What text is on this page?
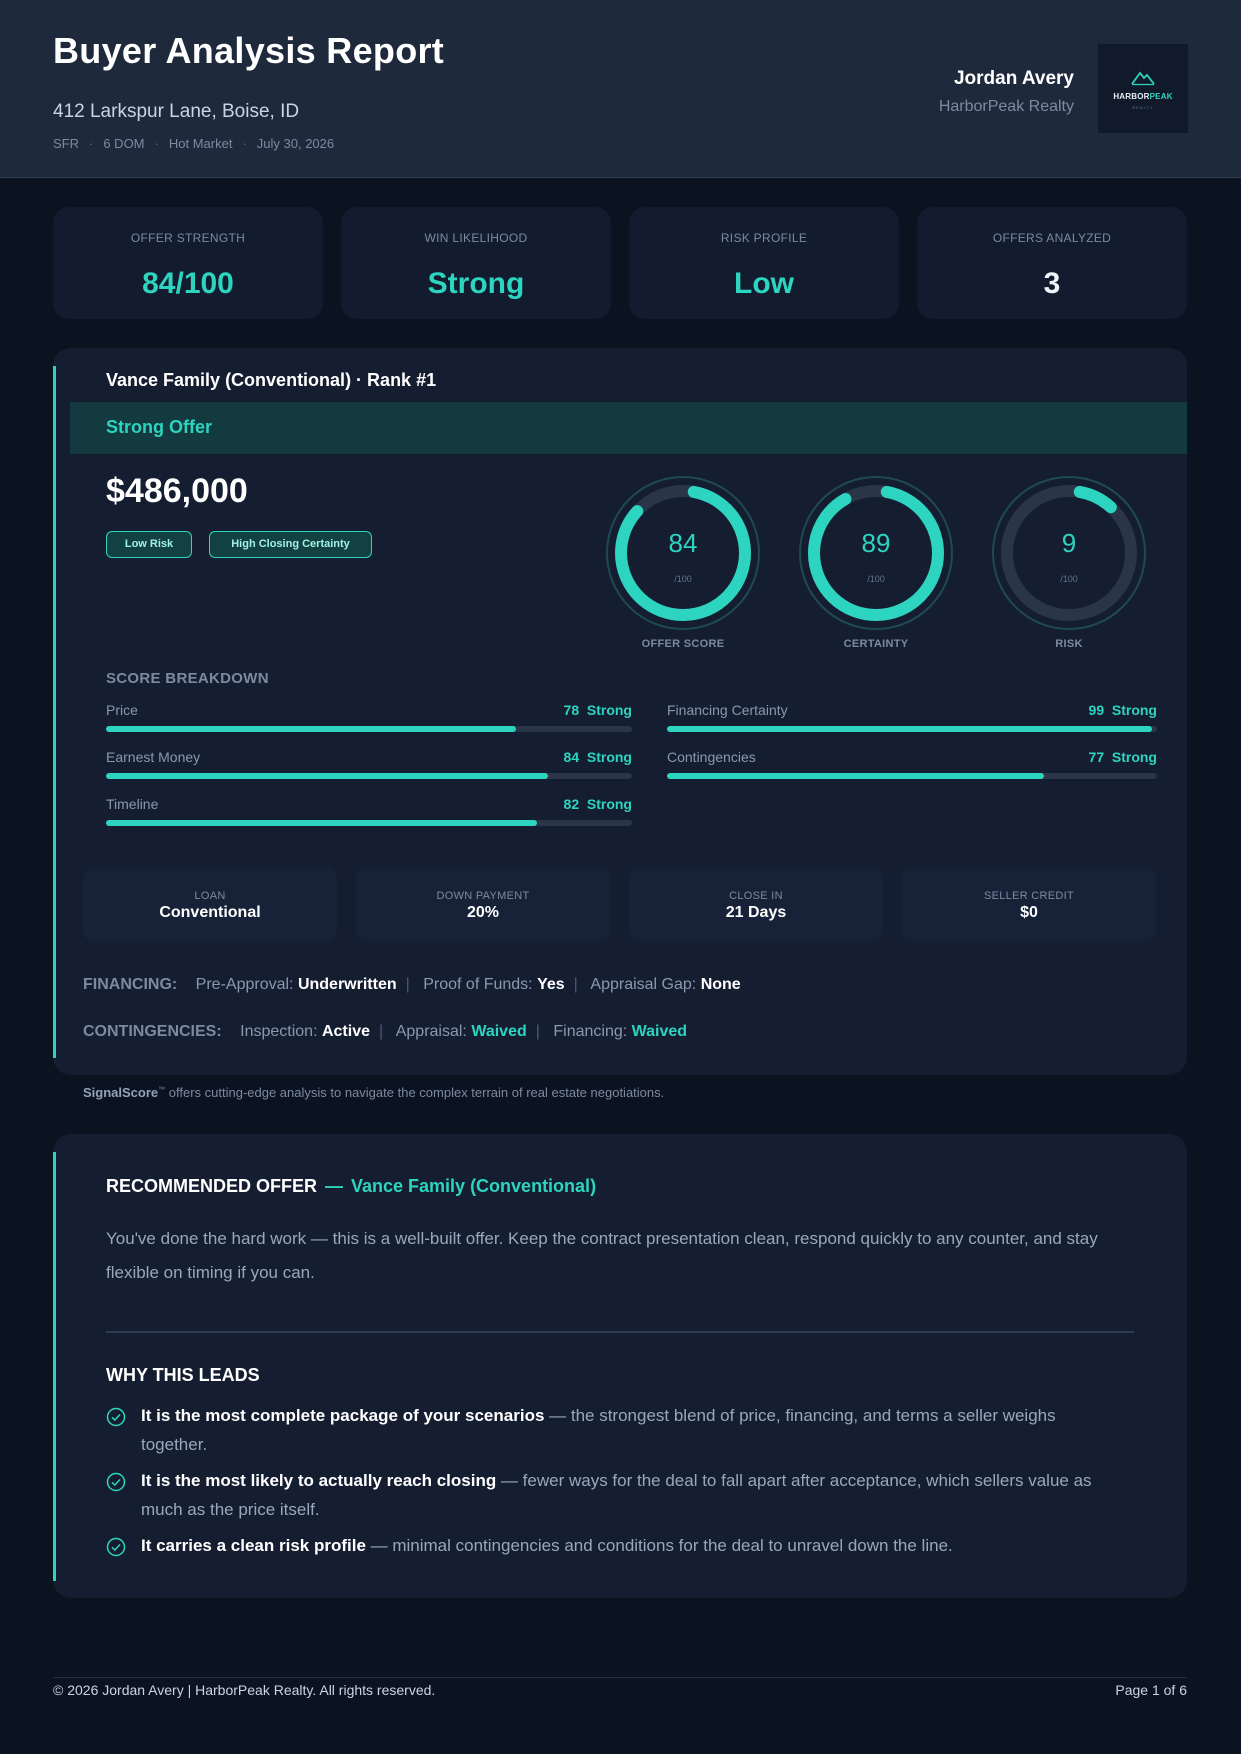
Buyer Analysis Report
412 Larkspur Lane, Boise, ID
SFR · 6 DOM · Hot Market · July 30, 2026
Jordan Avery
HarborPeak Realty
HARBORPEAK
REALTY
OFFER STRENGTH
84/100
WIN LIKELIHOOD
Strong
RISK PROFILE
Low
OFFERS ANALYZED
3
Vance Family (Conventional) · Rank #1
Strong Offer
$486,000
Low Risk	High Closing Certainty	84
/100
OFFER SCORE
89
/100
CERTAINTY
9
/100
RISK
SCORE BREAKDOWN
Price	78  Strong
Earnest Money	84  Strong
Timeline	82  Strong
Financing Certainty	99  Strong
Contingencies	77  Strong
LOAN
Conventional
DOWN PAYMENT
20%
CLOSE IN
21 Days
SELLER CREDIT
$0
FINANCING: Pre-Approval: Underwritten | Proof of Funds: Yes | Appraisal Gap: None
CONTINGENCIES: Inspection: Active | Appraisal: Waived | Financing: Waived
SignalScore™ offers cutting-edge analysis to navigate the complex terrain of real estate negotiations.
RECOMMENDED OFFER — Vance Family (Conventional)
You've done the hard work — this is a well-built offer. Keep the contract presentation clean, respond quickly to any counter, and stay flexible on timing if you can.
WHY THIS LEADS
It is the most complete package of your scenarios — the strongest blend of price, financing, and terms a seller weighs together.
It is the most likely to actually reach closing — fewer ways for the deal to fall apart after acceptance, which sellers value as much as the price itself.
It carries a clean risk profile — minimal contingencies and conditions for the deal to unravel down the line.
© 2026 Jordan Avery | HarborPeak Realty. All rights reserved.	Page 1 of 6
